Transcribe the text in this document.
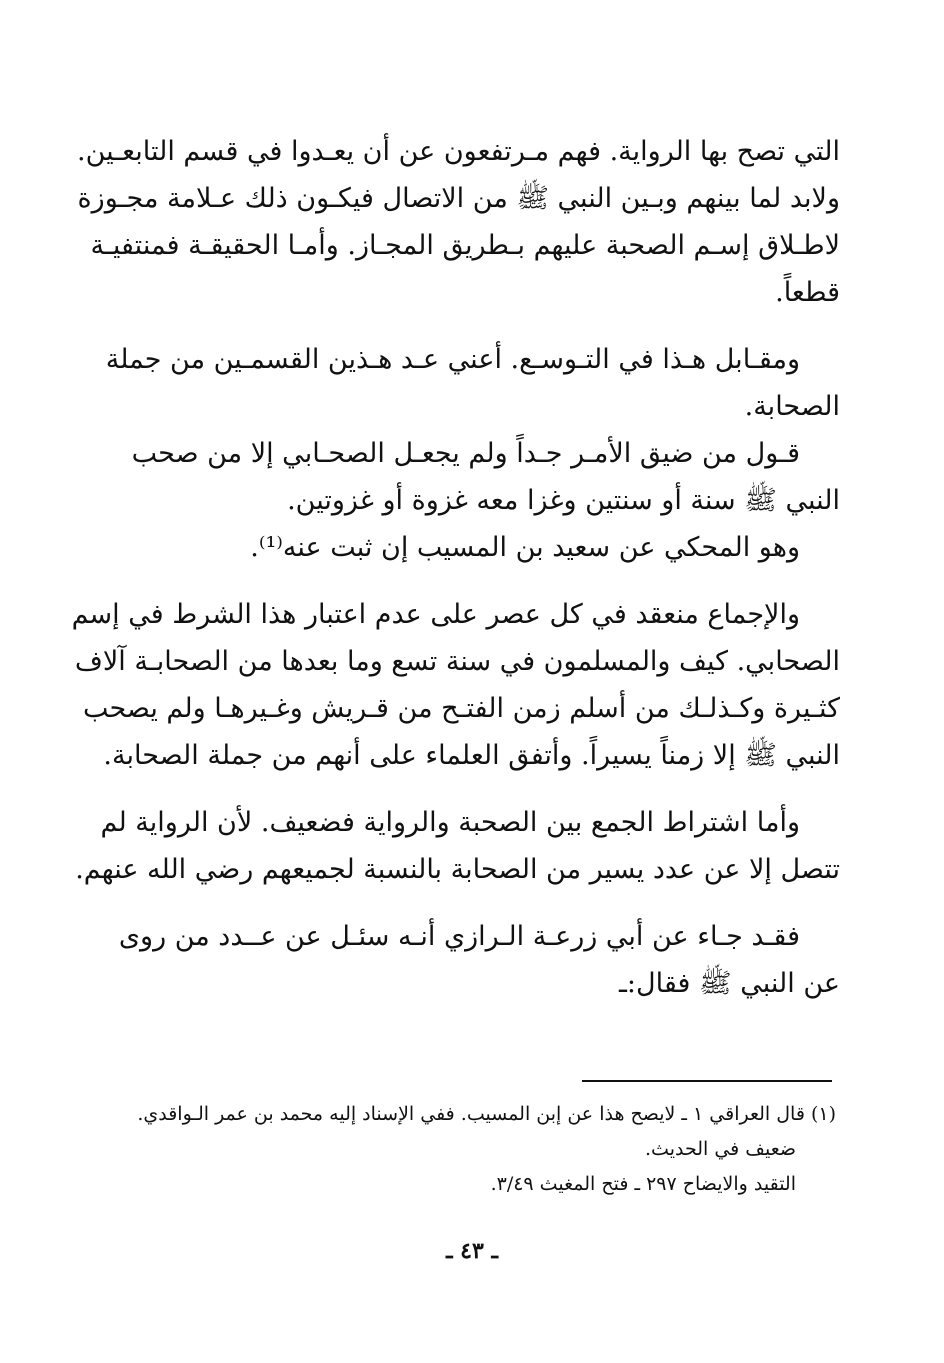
التي تصح بها الرواية. فهم مـرتفعون عن أن يعـدوا في قسم التابعـين.
ولابد لما بينهم وبـين النبي ﷺ من الاتصال فيكـون ذلك عـلامة مجـوزة
لاطـلاق إسـم الصحبة عليهم بـطريق المجـاز. وأمـا الحقيقـة فمنتفيـة
قطعاً.
ومقـابل هـذا في التـوسـع. أعني عـد هـذين القسمـين من جملة
الصحابة.
قـول من ضيق الأمـر جـداً ولم يجعـل الصحـابي إلا من صحب
النبي ﷺ سنة أو سنتين وغزا معه غزوة أو غزوتين.
وهو المحكي عن سعيد بن المسيب إن ثبت عنه⁽¹⁾.
والإجماع منعقد في كل عصر على عدم اعتبار هذا الشرط في إسم
الصحابي. كيف والمسلمون في سنة تسع وما بعدها من الصحابـة آلاف
كثـيرة وكـذلـك من أسلم زمن الفتـح من قـريش وغـيرهـا ولم يصحب
النبي ﷺ إلا زمناً يسيراً. وأتفق العلماء على أنهم من جملة الصحابة.
وأما اشتراط الجمع بين الصحبة والرواية فضعيف. لأن الرواية لم
تتصل إلا عن عدد يسير من الصحابة بالنسبة لجميعهم رضي الله عنهم.
فقـد جـاء عن أبي زرعـة الـرازي أنـه سئـل عن عــدد من روى
عن النبي ﷺ فقال:ـ
(١) قال العراقي ١ ـ لايصح هذا عن إبن المسيب. ففي الإسناد إليه محمد بن عمر الـواقدي.
ضعيف في الحديث.
التقيد والايضاح ٢٩٧ ـ فتح المغيث ٣/٤٩.
ـ ٤٣ ـ
